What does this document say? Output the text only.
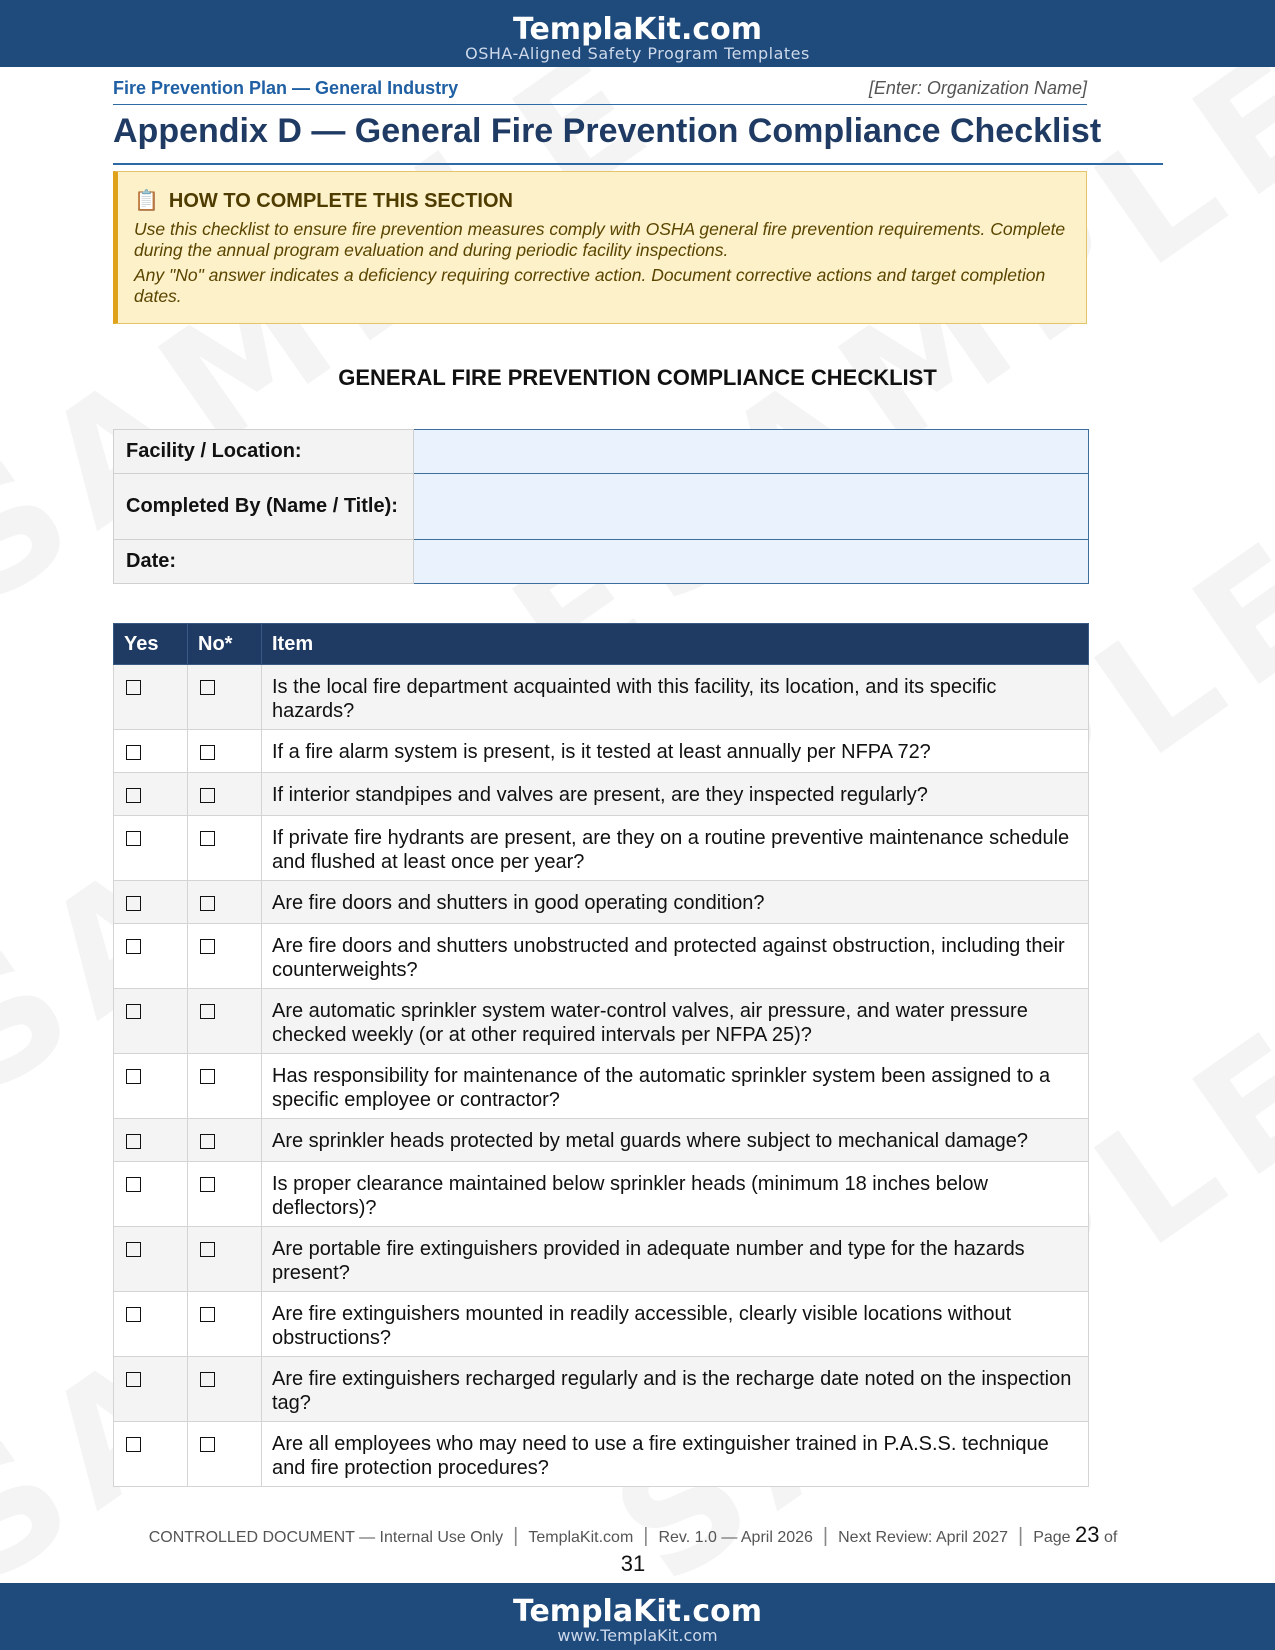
TemplaKit.com
OSHA-Aligned Safety Program Templates
Fire Prevention Plan — General Industry	[Enter: Organization Name]
Appendix D — General Fire Prevention Compliance Checklist
📋 HOW TO COMPLETE THIS SECTION

Use this checklist to ensure fire prevention measures comply with OSHA general fire prevention requirements. Complete during the annual program evaluation and during periodic facility inspections.

Any "No" answer indicates a deficiency requiring corrective action. Document corrective actions and target completion dates.

GENERAL FIRE PREVENTION COMPLIANCE CHECKLIST
Facility / Location:	
Completed By (Name / Title):	
Date:	
Yes	No*	Item
		Is the local fire department acquainted with this facility, its location, and its specific hazards?
		If a fire alarm system is present, is it tested at least annually per NFPA 72?
		If interior standpipes and valves are present, are they inspected regularly?
		If private fire hydrants are present, are they on a routine preventive maintenance schedule and flushed at least once per year?
		Are fire doors and shutters in good operating condition?
		Are fire doors and shutters unobstructed and protected against obstruction, including their counterweights?
		Are automatic sprinkler system water-control valves, air pressure, and water pressure checked weekly (or at other required intervals per NFPA 25)?
		Has responsibility for maintenance of the automatic sprinkler system been assigned to a specific employee or contractor?
		Are sprinkler heads protected by metal guards where subject to mechanical damage?
		Is proper clearance maintained below sprinkler heads (minimum 18 inches below deflectors)?
		Are portable fire extinguishers provided in adequate number and type for the hazards present?
		Are fire extinguishers mounted in readily accessible, clearly visible locations without obstructions?
		Are fire extinguishers recharged regularly and is the recharge date noted on the inspection tag?
		Are all employees who may need to use a fire extinguisher trained in P.A.S.S. technique and fire protection procedures?
CONTROLLED DOCUMENT — Internal Use Only | TemplaKit.com | Rev. 1.0 — April 2026 | Next Review: April 2027 | Page 23 of
31
TemplaKit.com
www.TemplaKit.com
